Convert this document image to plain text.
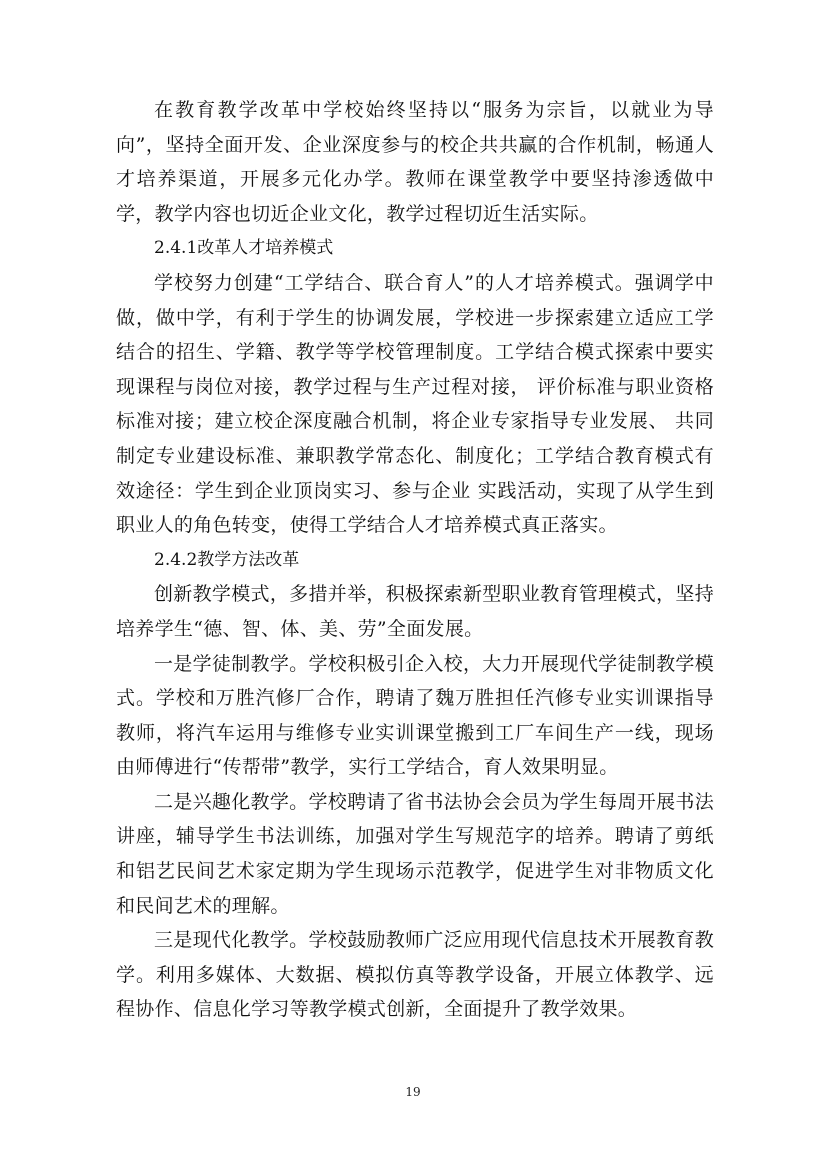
在教育教学改革中学校始终坚持以“服务为宗旨，以就业为导向”，坚持全面开发、企业深度参与的校企共共赢的合作机制，畅通人才培养渠道，开展多元化办学。教师在课堂教学中要坚持渗透做中学，教学内容也切近企业文化，教学过程切近生活实际。

2.4.1改革人才培养模式

学校努力创建“工学结合、联合育人”的人才培养模式。强调学中做，做中学，有利于学生的协调发展，学校进一步探索建立适应工学结合的招生、学籍、教学等学校管理制度。工学结合模式探索中要实现课程与岗位对接，教学过程与生产过程对接， 评价标准与职业资格标准对接；建立校企深度融合机制，将企业专家指导专业发展、 共同制定专业建设标准、兼职教学常态化、制度化；工学结合教育模式有效途径：学生到企业顶岗实习、参与企业 实践活动，实现了从学生到职业人的角色转变，使得工学结合人才培养模式真正落实。

2.4.2教学方法改革

创新教学模式，多措并举，积极探索新型职业教育管理模式，坚持培养学生“德、智、体、美、劳”全面发展。

一是学徒制教学。学校积极引企入校，大力开展现代学徒制教学模式。学校和万胜汽修厂合作，聘请了魏万胜担任汽修专业实训课指导教师，将汽车运用与维修专业实训课堂搬到工厂车间生产一线，现场由师傅进行“传帮带”教学，实行工学结合，育人效果明显。

二是兴趣化教学。学校聘请了省书法协会会员为学生每周开展书法讲座，辅导学生书法训练，加强对学生写规范字的培养。聘请了剪纸和铝艺民间艺术家定期为学生现场示范教学，促进学生对非物质文化和民间艺术的理解。

三是现代化教学。学校鼓励教师广泛应用现代信息技术开展教育教学。利用多媒体、大数据、模拟仿真等教学设备，开展立体教学、远程协作、信息化学习等教学模式创新，全面提升了教学效果。

19
